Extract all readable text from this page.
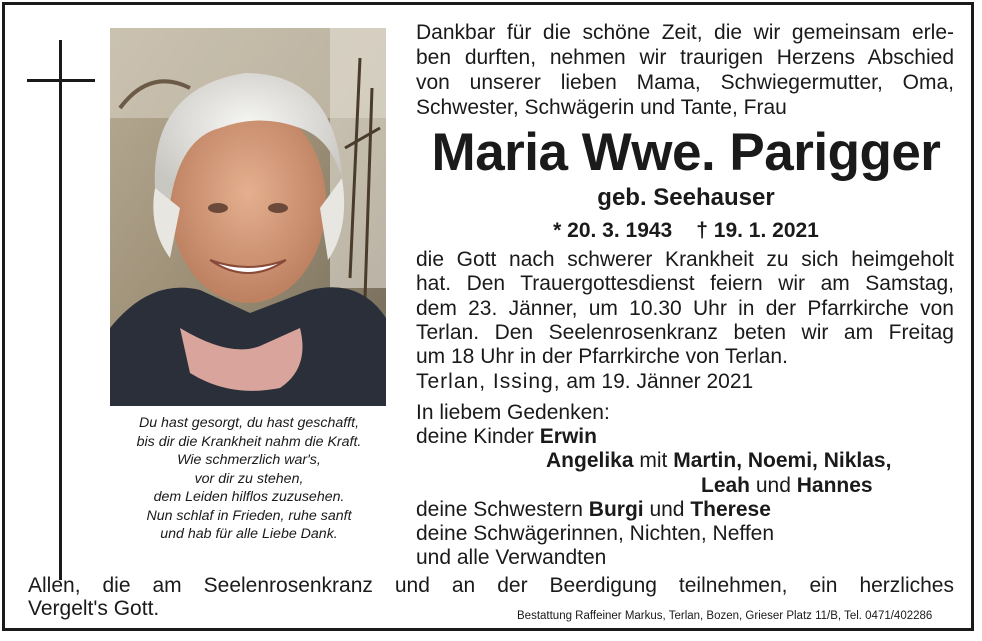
Du hast gesorgt, du hast geschafft,
bis dir die Krankheit nahm die Kraft.
Wie schmerzlich war's,
vor dir zu stehen,
dem Leiden hilflos zuzusehen.
Nun schlaf in Frieden, ruhe sanft
und hab für alle Liebe Dank.
Dankbar für die schöne Zeit, die wir gemeinsam erle-
ben durften, nehmen wir traurigen Herzens Abschied
von unserer lieben Mama, Schwiegermutter, Oma,
Schwester, Schwägerin und Tante, Frau
Maria Wwe. Parigger
geb. Seehauser
* 20. 3. 1943 † 19. 1. 2021
die Gott nach schwerer Krankheit zu sich heimgeholt
hat. Den Trauergottesdienst feiern wir am Samstag,
dem 23. Jänner, um 10.30 Uhr in der Pfarrkirche von
Terlan. Den Seelenrosenkranz beten wir am Freitag
um 18 Uhr in der Pfarrkirche von Terlan.
Terlan, Issing, am 19. Jänner 2021
In liebem Gedenken:
deine Kinder Erwin
Angelika mit Martin, Noemi, Niklas,
Leah und Hannes
deine Schwestern Burgi und Therese
deine Schwägerinnen, Nichten, Neffen
und alle Verwandten
Allen, die am Seelenrosenkranz und an der Beerdigung teilnehmen, ein herzliches
Vergelt's Gott.	Bestattung Raffeiner Markus, Terlan, Bozen, Grieser Platz 11/B, Tel. 0471/402286
